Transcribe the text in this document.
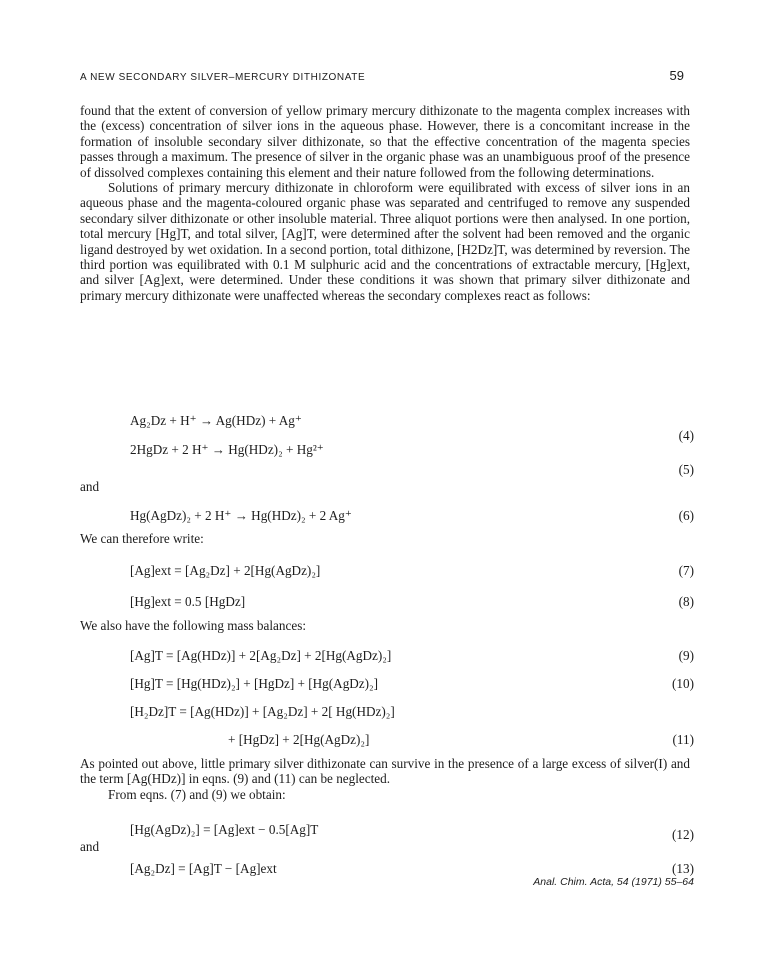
A NEW SECONDARY SILVER–MERCURY DITHIZONATE	59

found that the extent of conversion of yellow primary mercury dithizonate to the magenta complex increases with the (excess) concentration of silver ions in the aqueous phase. However, there is a concomitant increase in the formation of insoluble secondary silver dithizonate, so that the effective concentration of the magenta species passes through a maximum. The presence of silver in the organic phase was an unambiguous proof of the presence of dissolved complexes containing this element and their nature followed from the following determinations.

Solutions of primary mercury dithizonate in chloroform were equilibrated with excess of silver ions in an aqueous phase and the magenta-coloured organic phase was separated and centrifuged to remove any suspended secondary silver dithizonate or other insoluble material. Three aliquot portions were then analysed. In one portion, total mercury [Hg]T, and total silver, [Ag]T, were determined after the solvent had been removed and the organic ligand destroyed by wet oxidation. In a second portion, total dithizone, [H2Dz]T, was determined by reversion. The third portion was equilibrated with 0.1 M sulphuric acid and the concentrations of extractable mercury, [Hg]ext, and silver [Ag]ext, were determined. Under these conditions it was shown that primary silver dithizonate and primary mercury dithizonate were unaffected whereas the secondary complexes react as follows:

Ag₂Dz + H⁺ → Ag(HDz) + Ag⁺
(4)
2HgDz + 2 H⁺ → Hg(HDz)₂ + Hg²⁺
(5)
and
Hg(AgDz)₂ + 2 H⁺ → Hg(HDz)₂ + 2 Ag⁺	(6)
We can therefore write:
[Ag]ext = [Ag₂Dz] + 2[Hg(AgDz)₂]	(7)
[Hg]ext = 0.5 [HgDz]	(8)
We also have the following mass balances:
[Ag]T = [Ag(HDz)] + 2[Ag₂Dz] + 2[Hg(AgDz)₂]	(9)
[Hg]T = [Hg(HDz)₂] + [HgDz] + [Hg(AgDz)₂]	(10)
[H₂Dz]T = [Ag(HDz)] + [Ag₂Dz] + 2[ Hg(HDz)₂]
+ [HgDz] + 2[Hg(AgDz)₂]	(11)

As pointed out above, little primary silver dithizonate can survive in the presence of a large excess of silver(I) and the term [Ag(HDz)] in eqns. (9) and (11) can be neglected.

From eqns. (7) and (9) we obtain:

[Hg(AgDz)₂] = [Ag]ext − 0.5[Ag]T	(12)
and
[Ag₂Dz] = [Ag]T − [Ag]ext	(13)
Anal. Chim. Acta, 54 (1971) 55–64
